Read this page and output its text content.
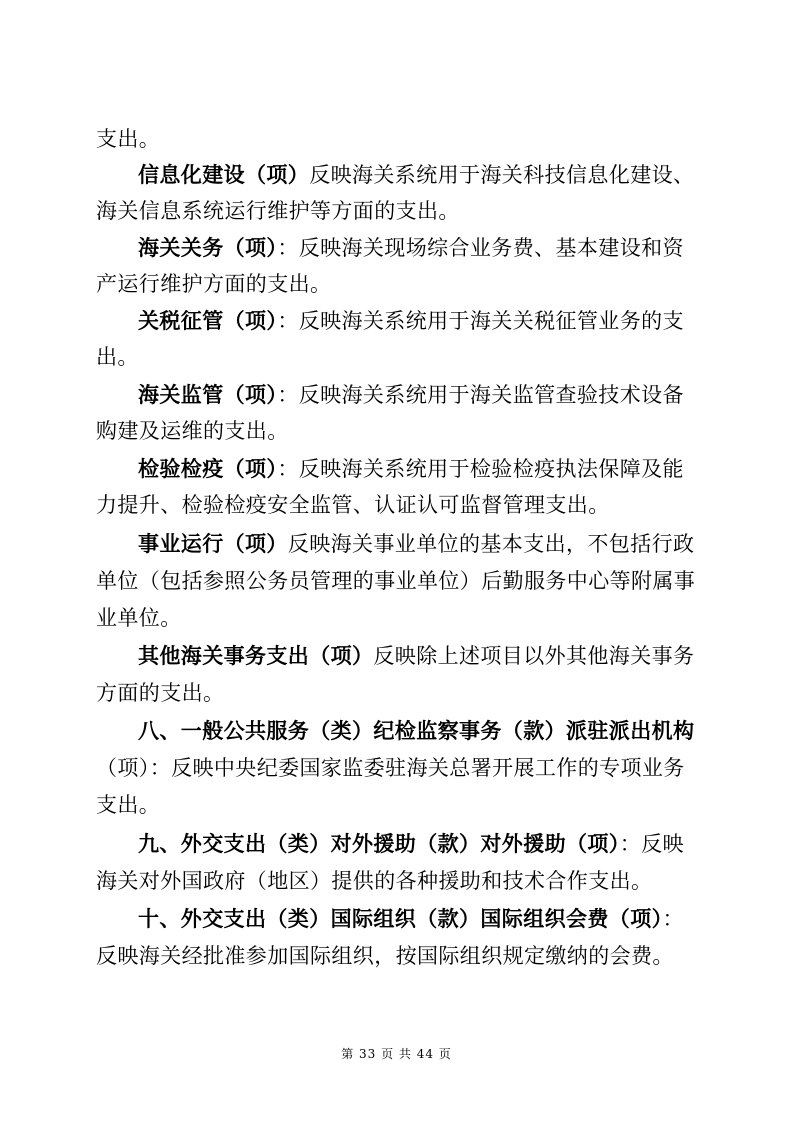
支出。
信息化建设（项）反映海关系统用于海关科技信息化建设、
海关信息系统运行维护等方面的支出。
海关关务（项）：反映海关现场综合业务费、基本建设和资
产运行维护方面的支出。
关税征管（项）：反映海关系统用于海关关税征管业务的支
出。
海关监管（项）：反映海关系统用于海关监管查验技术设备
购建及运维的支出。
检验检疫（项）：反映海关系统用于检验检疫执法保障及能
力提升、检验检疫安全监管、认证认可监督管理支出。
事业运行（项）反映海关事业单位的基本支出，不包括行政
单位（包括参照公务员管理的事业单位）后勤服务中心等附属事
业单位。
其他海关事务支出（项）反映除上述项目以外其他海关事务
方面的支出。
八、一般公共服务（类）纪检监察事务（款）派驻派出机构
（项）：反映中央纪委国家监委驻海关总署开展工作的专项业务
支出。
九、外交支出（类）对外援助（款）对外援助（项）：反映
海关对外国政府（地区）提供的各种援助和技术合作支出。
十、外交支出（类）国际组织（款）国际组织会费（项）：
反映海关经批准参加国际组织，按国际组织规定缴纳的会费。
第 33 页 共 44 页
